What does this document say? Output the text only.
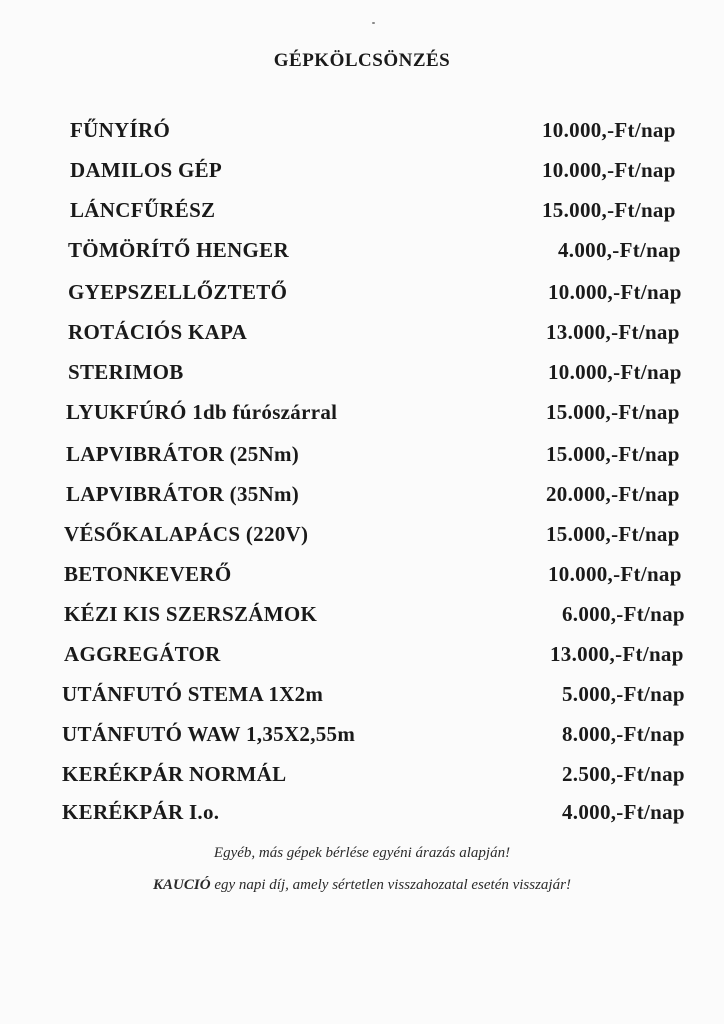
GÉPKÖLCSÖNZÉS
FŰNYÍRÓ	10.000,-Ft/nap
DAMILOS GÉP	10.000,-Ft/nap
LÁNCFŰRÉSZ	15.000,-Ft/nap
TÖMÖRÍTŐ HENGER	4.000,-Ft/nap
GYEPSZELLŐZTETŐ	10.000,-Ft/nap
ROTÁCIÓS KAPA	13.000,-Ft/nap
STERIMOB	10.000,-Ft/nap
LYUKFÚRÓ 1db fúrószárral	15.000,-Ft/nap
LAPVIBRÁTOR (25Nm)	15.000,-Ft/nap
LAPVIBRÁTOR (35Nm)	20.000,-Ft/nap
VÉSŐKALAPÁCS (220V)	15.000,-Ft/nap
BETONKEVERŐ	10.000,-Ft/nap
KÉZI KIS SZERSZÁMOK	6.000,-Ft/nap
AGGREGÁTOR	13.000,-Ft/nap
UTÁNFUTÓ STEMA 1X2m	5.000,-Ft/nap
UTÁNFUTÓ WAW 1,35X2,55m	8.000,-Ft/nap
KERÉKPÁR NORMÁL	2.500,-Ft/nap
KERÉKPÁR I.o.	4.000,-Ft/nap
Egyéb, más gépek bérlése egyéni árazás alapján!
KAUCIÓ egy napi díj, amely sértetlen visszahozatal esetén visszajár!
